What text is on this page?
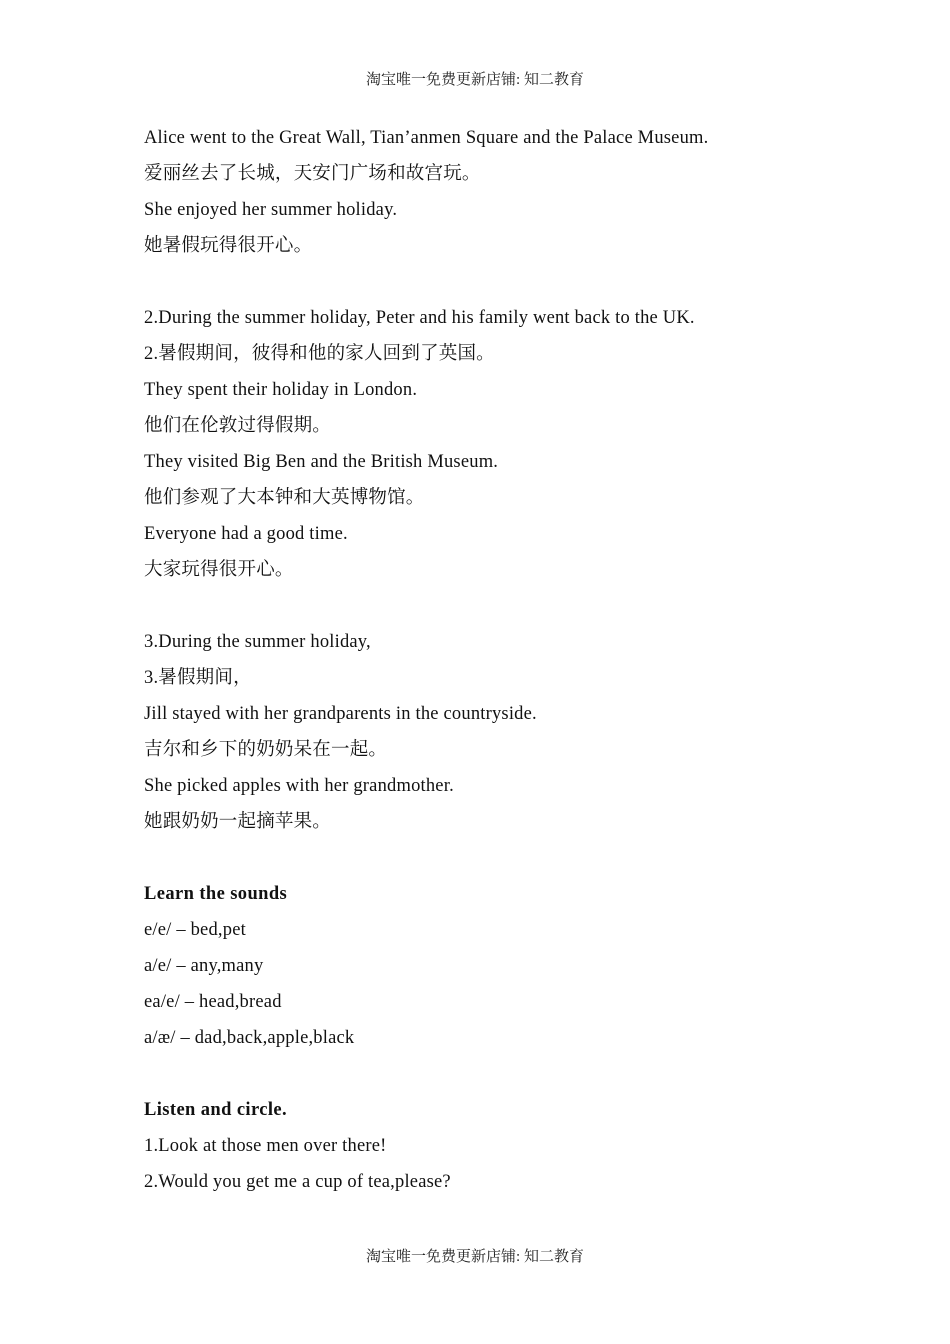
淘宝唯一免费更新店铺: 知二教育
Alice went to the Great Wall, Tian’anmen Square and the Palace Museum.
爱丽丝去了长城，天安门广场和故宫玩。
She enjoyed her summer holiday.
她暑假玩得很开心。
2.During the summer holiday, Peter and his family went back to the UK.
2.暑假期间，彼得和他的家人回到了英国。
They spent their holiday in London.
他们在伦敦过得假期。
They visited Big Ben and the British Museum.
他们参观了大本钟和大英博物馆。
Everyone had a good time.
大家玩得很开心。
3.During the summer holiday,
3.暑假期间，
Jill stayed with her grandparents in the countryside.
吉尔和乡下的奶奶呆在一起。
She picked apples with her grandmother.
她跟奶奶一起摘苹果。
Learn the sounds
e/e/ – bed,pet
a/e/ – any,many
ea/e/ – head,bread
a/æ/ – dad,back,apple,black
Listen and circle.
1.Look at those men over there!
2.Would you get me a cup of tea,please?
淘宝唯一免费更新店铺: 知二教育
